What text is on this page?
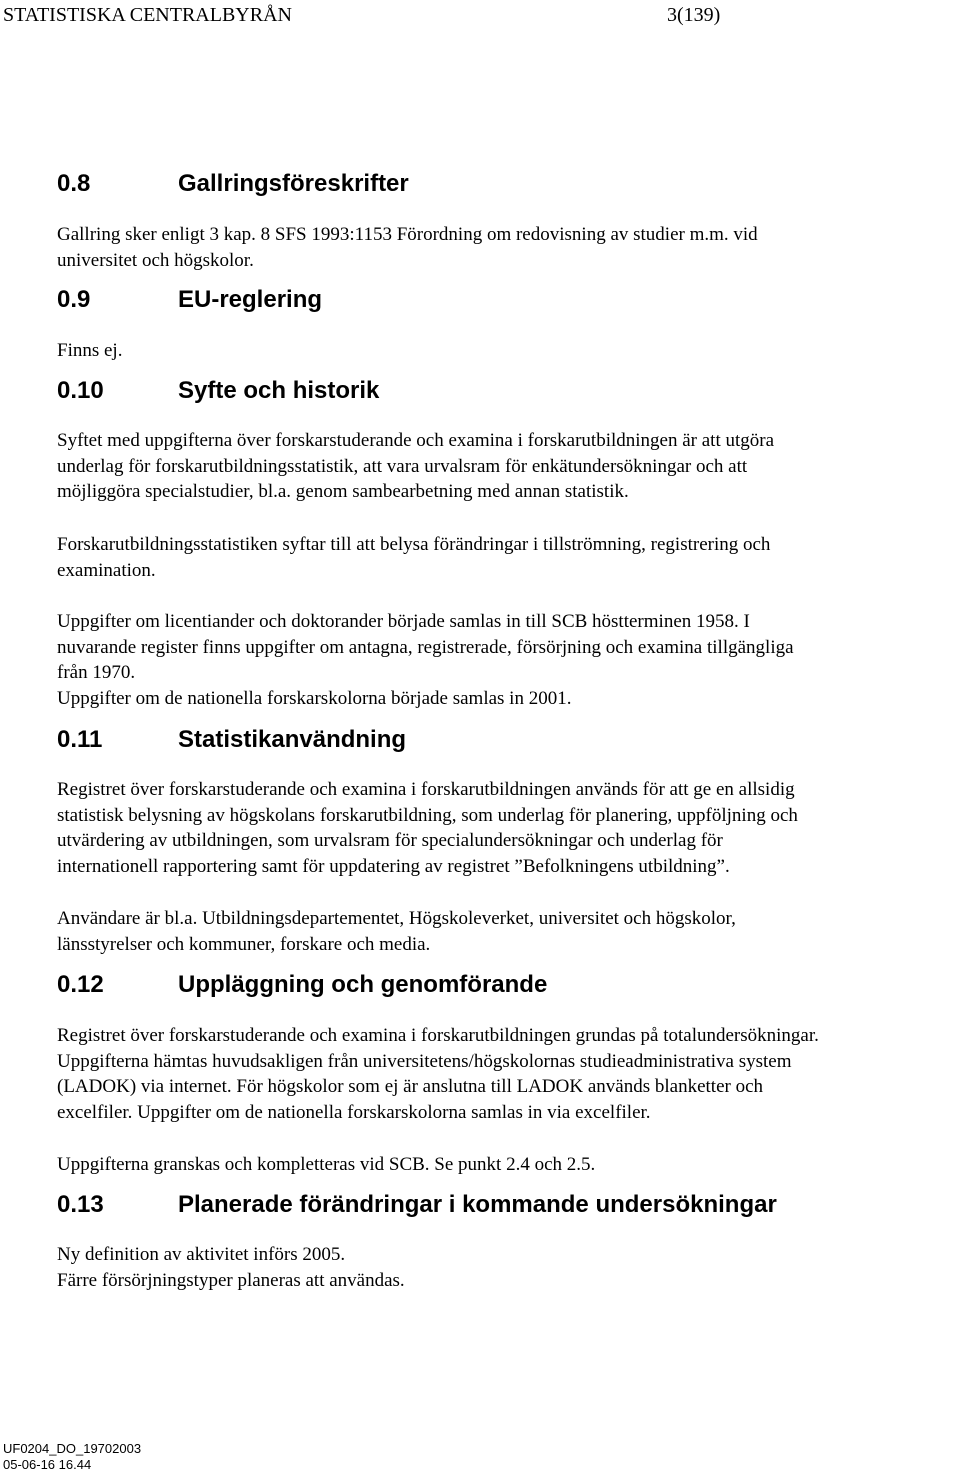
STATISTISKA CENTRALBYRÅN	3(139)
0.8	Gallringsföreskrifter
Gallring sker enligt 3 kap. 8 SFS 1993:1153 Förordning om redovisning av studier m.m. vid
universitet och högskolor.
0.9	EU-reglering
Finns ej.
0.10	Syfte och historik
Syftet med uppgifterna över forskarstuderande och examina i forskarutbildningen är att utgöra
underlag för forskarutbildningsstatistik, att vara urvalsram för enkätundersökningar och att
möjliggöra specialstudier, bl.a. genom sambearbetning med annan statistik.
Forskarutbildningsstatistiken syftar till att belysa förändringar i tillströmning, registrering och
examination.
Uppgifter om licentiander och doktorander började samlas in till SCB höstterminen 1958. I
nuvarande register finns uppgifter om antagna, registrerade, försörjning och examina tillgängliga
från 1970.
Uppgifter om de nationella forskarskolorna började samlas in 2001.
0.11	Statistikanvändning
Registret över forskarstuderande och examina i forskarutbildningen används för att ge en allsidig
statistisk belysning av högskolans forskarutbildning, som underlag för planering, uppföljning och
utvärdering av utbildningen, som urvalsram för specialundersökningar och underlag för
internationell rapportering samt för uppdatering av registret ”Befolkningens utbildning”.
Användare är bl.a. Utbildningsdepartementet, Högskoleverket, universitet och högskolor,
länsstyrelser och kommuner, forskare och media.
0.12	Uppläggning och genomförande
Registret över forskarstuderande och examina i forskarutbildningen grundas på totalundersökningar.
Uppgifterna hämtas huvudsakligen från universitetens/högskolornas studieadministrativa system
(LADOK) via internet. För högskolor som ej är anslutna till LADOK används blanketter och
excelfiler. Uppgifter om de nationella forskarskolorna samlas in via excelfiler.
Uppgifterna granskas och kompletteras vid SCB. Se punkt 2.4 och 2.5.
0.13	Planerade förändringar i kommande undersökningar
Ny definition av aktivitet införs 2005.
Färre försörjningstyper planeras att användas.
UF0204_DO_19702003
05-06-16 16.44
